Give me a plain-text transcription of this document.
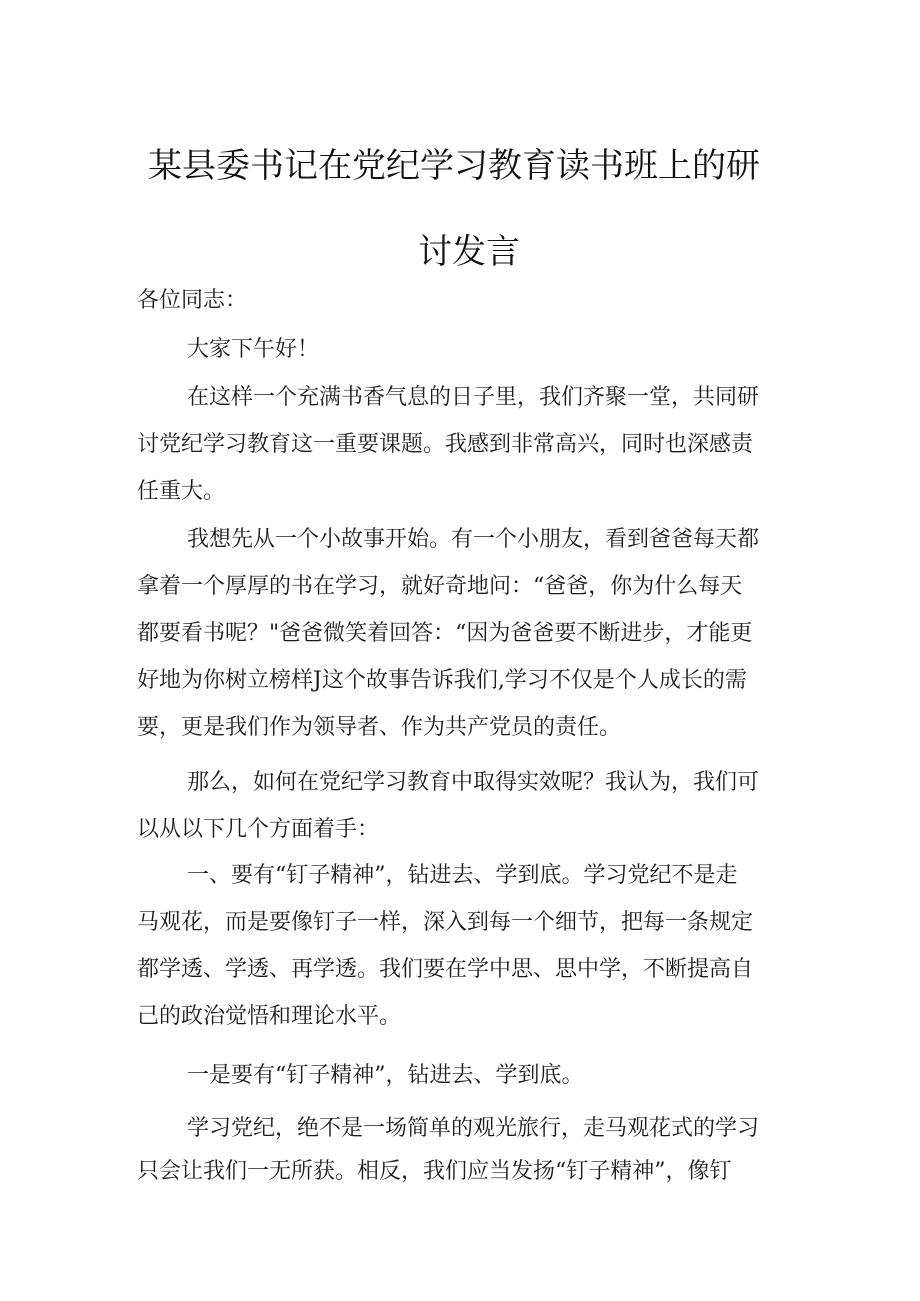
某县委书记在党纪学习教育读书班上的研
讨发言
各位同志：
大家下午好！
在这样一个充满书香气息的日子里，我们齐聚一堂，共同研
讨党纪学习教育这一重要课题。我感到非常高兴，同时也深感责
任重大。
我想先从一个小故事开始。有一个小朋友，看到爸爸每天都
拿着一个厚厚的书在学习，就好奇地问：“爸爸，你为什么每天
都要看书呢？"爸爸微笑着回答：“因为爸爸要不断进步，才能更
好地为你树立榜样J这个故事告诉我们,学习不仅是个人成长的需
要，更是我们作为领导者、作为共产党员的责任。
那么，如何在党纪学习教育中取得实效呢？我认为，我们可
以从以下几个方面着手：
一、要有“钉子精神”，钻进去、学到底。学习党纪不是走
马观花，而是要像钉子一样，深入到每一个细节，把每一条规定
都学透、学透、再学透。我们要在学中思、思中学，不断提高自
己的政治觉悟和理论水平。
一是要有“钉子精神”，钻进去、学到底。
学习党纪，绝不是一场简单的观光旅行，走马观花式的学习
只会让我们一无所获。相反，我们应当发扬“钉子精神”，像钉
